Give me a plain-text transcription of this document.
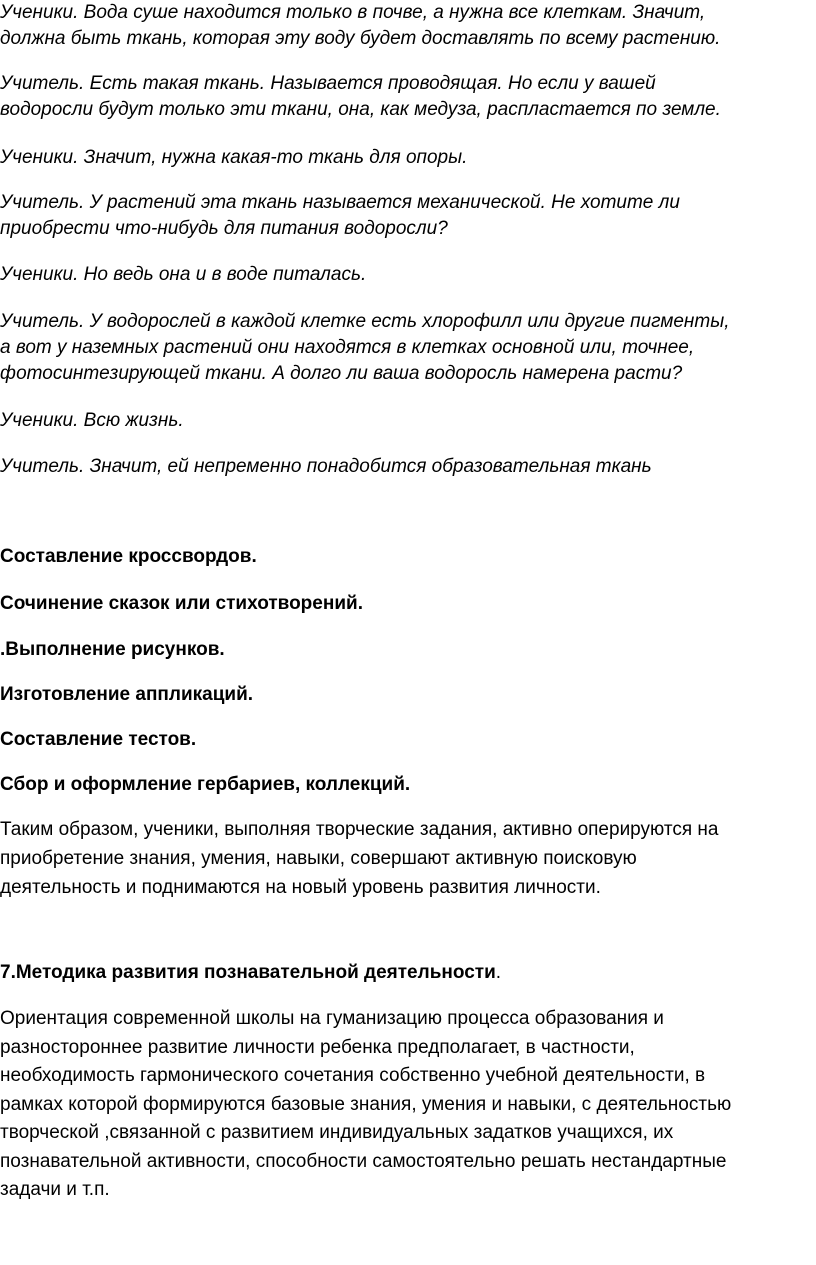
Ученики. Вода суше находится только в почве, а нужна все клеткам. Значит,
должна быть ткань, которая эту воду будет доставлять по всему растению.
Учитель. Есть такая ткань. Называется проводящая. Но если у вашей
водоросли будут только эти ткани, она, как медуза, распластается по земле.
Ученики. Значит, нужна какая-то ткань для опоры.
Учитель. У растений эта ткань называется механической. Не хотите ли
приобрести что-нибудь для питания водоросли?
Ученики. Но ведь она и в воде питалась.
Учитель. У водорослей в каждой клетке есть хлорофилл или другие пигменты,
а вот у наземных растений они находятся в клетках основной или, точнее,
фотосинтезирующей ткани. А долго ли ваша водоросль намерена расти?
Ученики. Всю жизнь.
Учитель. Значит, ей непременно понадобится образовательная ткань
Составление кроссвордов.
Сочинение сказок или стихотворений.
.Выполнение рисунков.
Изготовление аппликаций.
Составление тестов.
Сбор и оформление гербариев, коллекций.
Таким образом, ученики, выполняя творческие задания, активно оперируются на
приобретение знания, умения, навыки, совершают активную поисковую
деятельность и поднимаются на новый уровень развития личности.
7.Методика развития познавательной деятельности.
Ориентация современной школы на гуманизацию процесса образования и
разностороннее развитие личности ребенка предполагает, в частности,
необходимость гармонического сочетания собственно учебной деятельности, в
рамках которой формируются базовые знания, умения и навыки, с деятельностью
творческой ,связанной с развитием индивидуальных задатков учащихся, их
познавательной активности, способности самостоятельно решать нестандартные
задачи и т.п.
